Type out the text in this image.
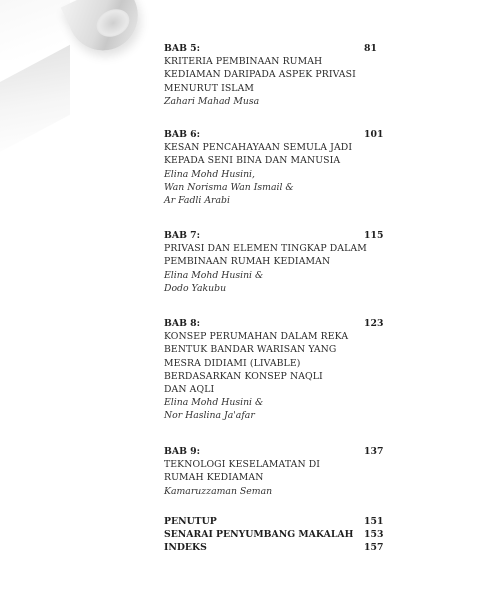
BAB 5:	81
KRITERIA PEMBINAAN RUMAH
KEDIAMAN DARIPADA ASPEK PRIVASI
MENURUT ISLAM
Zahari Mahad Musa
BAB 6:	101
KESAN PENCAHAYAAN SEMULA JADI
KEPADA SENI BINA DAN MANUSIA
Elina Mohd Husini,
Wan Norisma Wan Ismail &
Ar Fadli Arabi
BAB 7:	115
PRIVASI DAN ELEMEN TINGKAP DALAM
PEMBINAAN RUMAH KEDIAMAN
Elina Mohd Husini &
Dodo Yakubu
BAB 8:	123
KONSEP PERUMAHAN DALAM REKA
BENTUK BANDAR WARISAN YANG
MESRA DIDIAMI (LIVABLE)
BERDASARKAN KONSEP NAQLI
DAN AQLI
Elina Mohd Husini &
Nor Haslina Ja'afar
BAB 9:	137
TEKNOLOGI KESELAMATAN DI
RUMAH KEDIAMAN
Kamaruzzaman Seman
PENUTUP	151
SENARAI PENYUMBANG MAKALAH	153
INDEKS	157
